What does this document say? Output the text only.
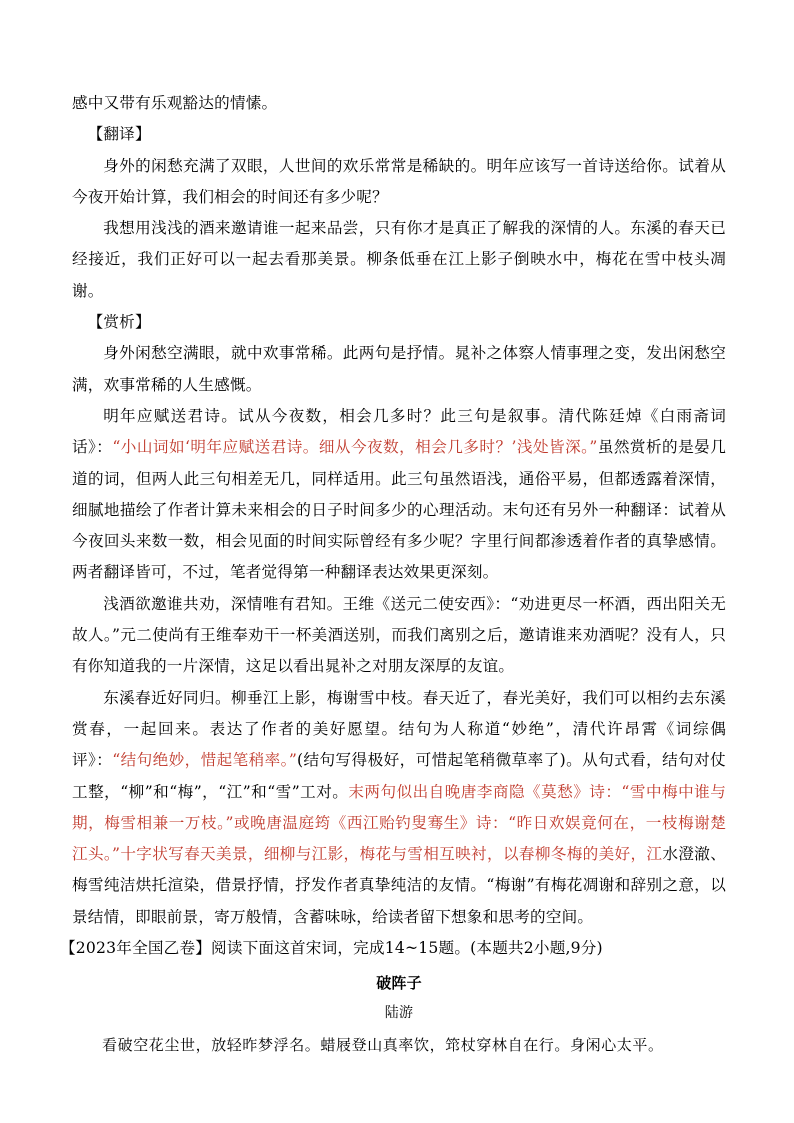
感中又带有乐观豁达的情愫。

【翻译】

身外的闲愁充满了双眼，人世间的欢乐常常是稀缺的。明年应该写一首诗送给你。试着从今夜开始计算，我们相会的时间还有多少呢？

我想用浅浅的酒来邀请谁一起来品尝，只有你才是真正了解我的深情的人。东溪的春天已经接近，我们正好可以一起去看那美景。柳条低垂在江上影子倒映水中，梅花在雪中枝头凋谢。

【赏析】

身外闲愁空满眼，就中欢事常稀。此两句是抒情。晁补之体察人情事理之变，发出闲愁空满，欢事常稀的人生感慨。

明年应赋送君诗。试从今夜数，相会几多时？此三句是叙事。清代陈廷焯《白雨斋词话》：“小山词如‘明年应赋送君诗。细从今夜数，相会几多时？’浅处皆深。”虽然赏析的是晏几道的词，但两人此三句相差无几，同样适用。此三句虽然语浅，通俗平易，但都透露着深情，细腻地描绘了作者计算未来相会的日子时间多少的心理活动。末句还有另外一种翻译：试着从今夜回头来数一数，相会见面的时间实际曾经有多少呢？字里行间都渗透着作者的真挚感情。两者翻译皆可，不过，笔者觉得第一种翻译表达效果更深刻。

浅酒欲邀谁共劝，深情唯有君知。王维《送元二使安西》：“劝进更尽一杯酒，西出阳关无故人。”元二使尚有王维奉劝干一杯美酒送别，而我们离别之后，邀请谁来劝酒呢？没有人，只有你知道我的一片深情，这足以看出晁补之对朋友深厚的友谊。

东溪春近好同归。柳垂江上影，梅谢雪中枝。春天近了，春光美好，我们可以相约去东溪赏春，一起回来。表达了作者的美好愿望。结句为人称道“妙绝”，清代许昂霄《词综偶评》：“结句绝妙，惜起笔稍率。”(结句写得极好，可惜起笔稍微草率了)。从句式看，结句对仗工整，“柳”和“梅”，“江”和“雪”工对。末两句似出自晚唐李商隐《莫愁》诗：“雪中梅中谁与期，梅雪相兼一万枝。”或晚唐温庭筠《西江贻钓叟骞生》诗：“昨日欢娱竟何在，一枝梅谢楚江头。”十字状写春天美景，细柳与江影，梅花与雪相互映衬，以春柳冬梅的美好，江水澄澈、梅雪纯洁烘托渲染，借景抒情，抒发作者真挚纯洁的友情。“梅谢”有梅花凋谢和辞别之意，以景结情，即眼前景，寄万般情，含蓄味咏，给读者留下想象和思考的空间。

【2023年全国乙卷】阅读下面这首宋词，完成14~15题。(本题共2小题,9分)

破阵子

陆游

看破空花尘世，放轻昨梦浮名。蜡屐登山真率饮，筇杖穿林自在行。身闲心太平。
